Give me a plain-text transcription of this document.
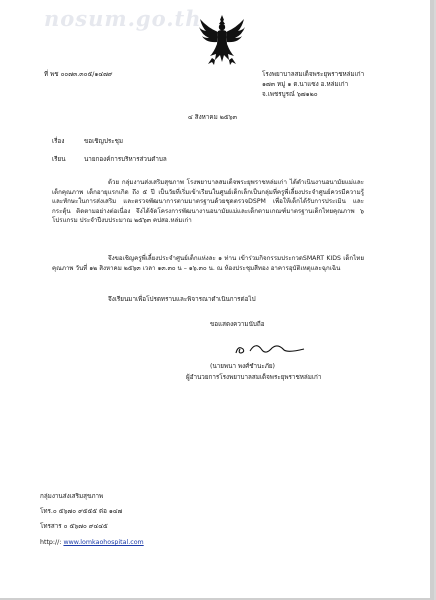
nosum.go.th
ที่ พช ๐๐๗๓.๓๐๕/๑๔๗๙	โรงพยาบาลสมเด็จพระยุพราชหล่มเก่า
๑๗๓ หมู่ ๑ ต.นาแซง อ.หล่มเก่า
จ.เพชรบูรณ์ ๖๗๑๒๐
๔ สิงหาคม ๒๕๖๓
เรื่อง	ขอเชิญประชุม
เรียน	นายกองค์การบริหารส่วนตำบล
ด้วย กลุ่มงานส่งเสริมสุขภาพ โรงพยาบาลสมเด็จพระยุพราชหล่มเก่า ได้ดำเนินงานอนามัยแม่และเด็กคุณภาพ เด็กอายุแรกเกิด ถึง ๕ ปี เป็นวัยที่เริ่มเข้าเรียนในศูนย์เด็กเล็กเป็นกลุ่มที่ครูพี่เลี้ยงประจำศูนย์ควรมีความรู้และทักษะในการส่งเสริม และตรวจพัฒนาการตามมาตรฐานด้วยชุดตรวจDSPM เพื่อให้เด็กได้รับการประเมิน และกระตุ้น ติดตามอย่างต่อเนื่อง จึงได้จัดโครงการพัฒนางานอนามัยแม่และเด็กตามเกณฑ์มาตรฐานเด็กไทยคุณภาพ ๖ โปรแกรม ประจำปีงบประมาณ ๒๕๖๓ คปสอ.หล่มเก่า
จึงขอเชิญครูพี่เลี้ยงประจำศูนย์เด็กแห่งละ ๑ ท่าน เข้าร่วมกิจกรรมประกวดSMART KIDS เด็กไทยคุณภาพ วันที่ ๑๒ สิงหาคม ๒๕๖๓ เวลา ๑๓.๓๐ น – ๑๖.๓๐ น. ณ ห้องประชุมสีทอง อาคารอุบัติเหตุและฉุกเฉิน
จึงเรียนมาเพื่อโปรดทราบและพิจารณาดำเนินการต่อไป
ขอแสดงความนับถือ
(นายพนา พงศ์ชำนะภัย)
ผู้อำนวยการโรงพยาบาลสมเด็จพระยุพราชหล่มเก่า
กลุ่มงานส่งเสริมสุขภาพ
โทร.๐ ๕๖๗๐ ๙๕๕๕ ต่อ ๑๔๗
โทรสาร ๐ ๕๖๗๐ ๙๔๔๕
http://: www.lomkaohospital.com
